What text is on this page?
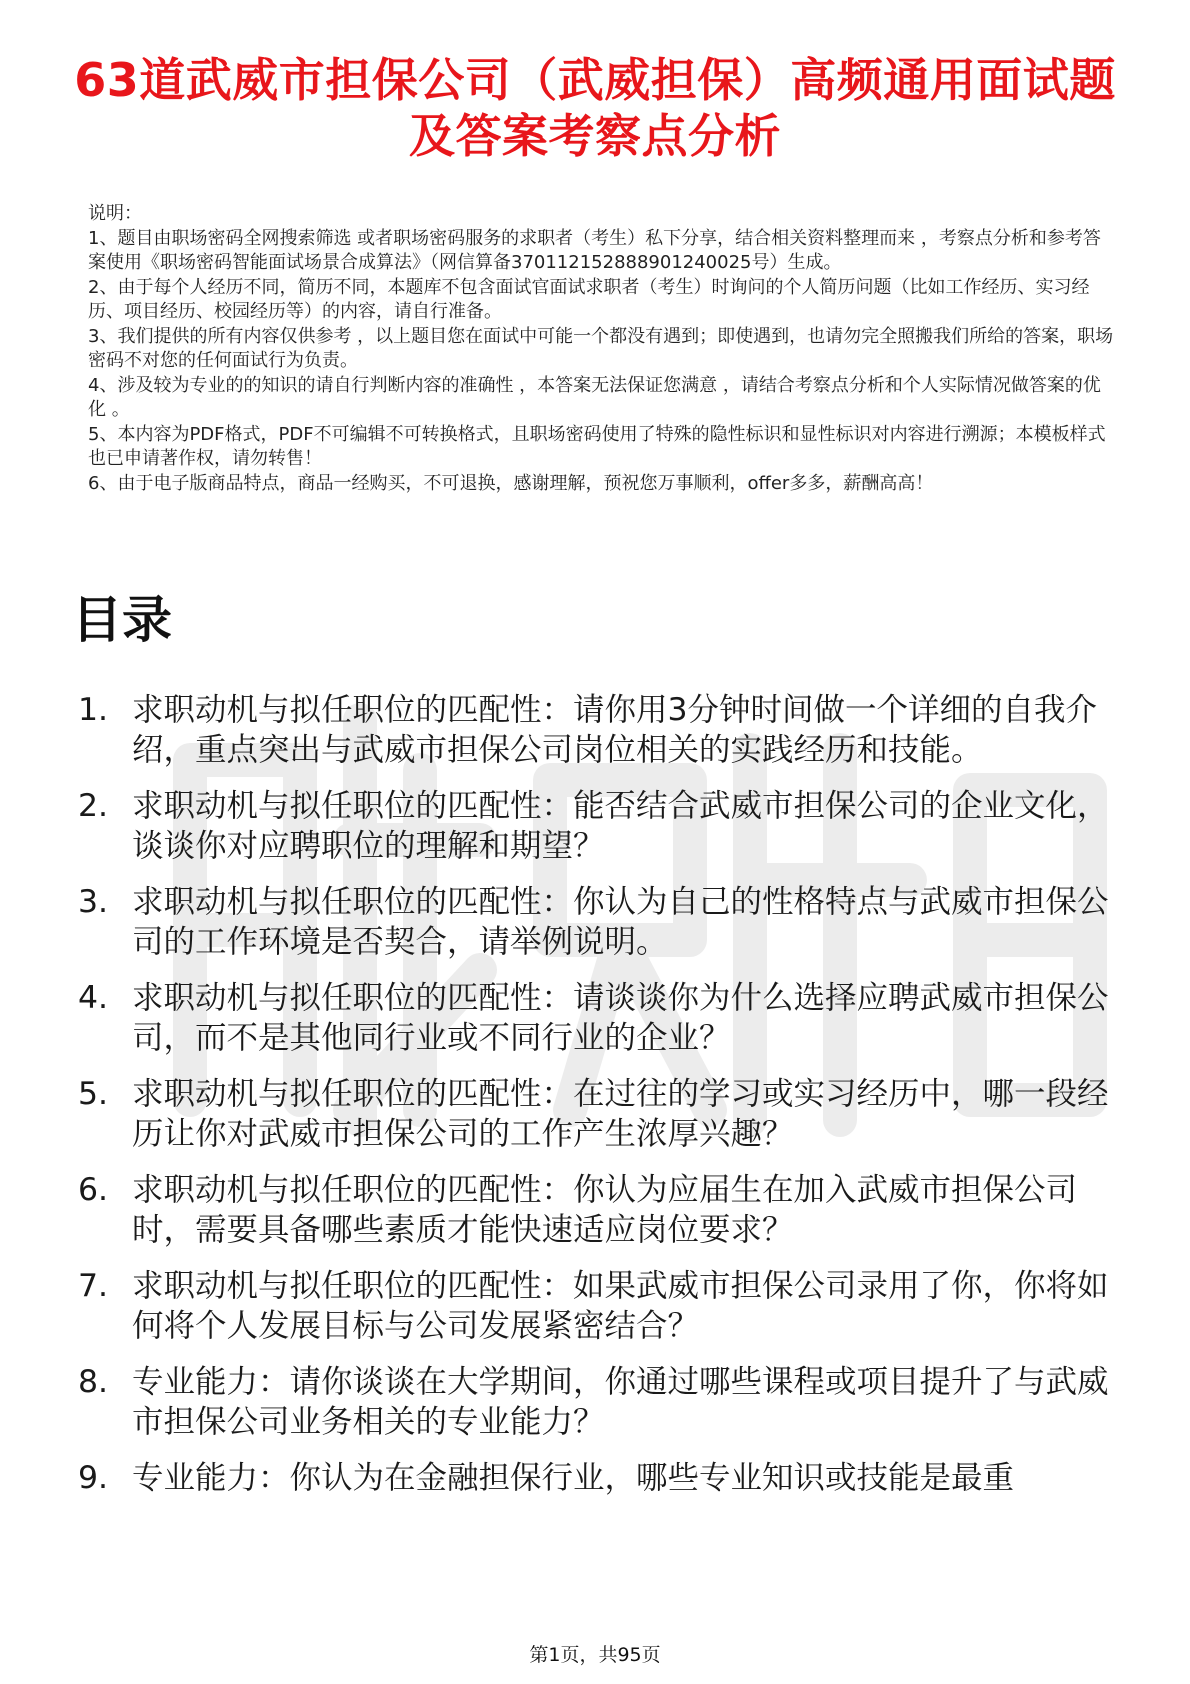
63道武威市担保公司（武威担保）高频通用面试题及答案考察点分析

说明：

1、题目由职场密码全网搜索筛选 或者职场密码服务的求职者（考生）私下分享，结合相关资料整理而来 ，考察点分析和参考答案使用《职场密码智能面试场景合成算法》（网信算备370112152888901240025号）生成。

2、由于每个人经历不同，简历不同，本题库不包含面试官面试求职者（考生）时询问的个人简历问题（比如工作经历、实习经历、项目经历、校园经历等）的内容，请自行准备。

3、我们提供的所有内容仅供参考 ，以上题目您在面试中可能一个都没有遇到；即使遇到，也请勿完全照搬我们所给的答案，职场密码不对您的任何面试行为负责。

4、涉及较为专业的的知识的请自行判断内容的准确性 ，本答案无法保证您满意 ，请结合考察点分析和个人实际情况做答案的优化 。

5、本内容为PDF格式，PDF不可编辑不可转换格式，且职场密码使用了特殊的隐性标识和显性标识对内容进行溯源；本模板样式也已申请著作权，请勿转售！

6、由于电子版商品特点，商品一经购买，不可退换，感谢理解，预祝您万事顺利，offer多多，薪酬高高！

目录
1. 求职动机与拟任职位的匹配性：请你用3分钟时间做一个详细的自我介绍，重点突出与武威市担保公司岗位相关的实践经历和技能。
2. 求职动机与拟任职位的匹配性：能否结合武威市担保公司的企业文化，谈谈你对应聘职位的理解和期望？
3. 求职动机与拟任职位的匹配性：你认为自己的性格特点与武威市担保公司的工作环境是否契合，请举例说明。
4. 求职动机与拟任职位的匹配性：请谈谈你为什么选择应聘武威市担保公司，而不是其他同行业或不同行业的企业？
5. 求职动机与拟任职位的匹配性：在过往的学习或实习经历中，哪一段经历让你对武威市担保公司的工作产生浓厚兴趣？
6. 求职动机与拟任职位的匹配性：你认为应届生在加入武威市担保公司时，需要具备哪些素质才能快速适应岗位要求？
7. 求职动机与拟任职位的匹配性：如果武威市担保公司录用了你，你将如何将个人发展目标与公司发展紧密结合？
8. 专业能力：请你谈谈在大学期间，你通过哪些课程或项目提升了与武威市担保公司业务相关的专业能力？
9. 专业能力：你认为在金融担保行业，哪些专业知识或技能是最重
第1页，共95页
